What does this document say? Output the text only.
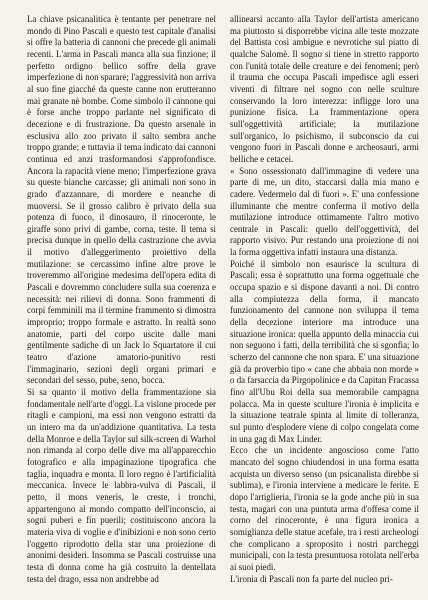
La chiave psicanalitica è tentante per penetrare nel mondo di Pino Pascali e questo test capitale d'analisi si offre la batteria di cannoni che precede gli animali recenti. L'arma in Pascali manca alla sua finzione; il perfetto ordigno bellico soffre della grave imperfezione di non sparare; l'aggressività non arriva al suo fine giacché da queste canne non erutteranno mai granate nè bombe. Come simbolo il cannone qui è forse anche troppo parlante nel significato di decezione e di frustrazione. Da questo arsenale in esclusiva allo zoo privato il salto sembra anche troppo grande; e tuttavia il tema indicato dai cannoni continua ed anzi trasformandosi s'approfondisce. Ancora la rapacità viene meno; l'imperfezione grava su queste bianche carcasse; gli animali non sono in grado d'azzannare, di mordere e neanche di muoversi. Se il grosso calibro è privato della sua potenza di fuoco, il dinosauro, il rinoceronte, le giraffe sono privi di gambe, corna, teste. Il tema si precisa dunque in quello della castrazione che avvia il motivo d'alleggerimento proiettivo della mutilazione: se cercassimo infine altre prove le troveremmo all'origine medesima dell'opera edita di Pascali e dovremmo concludere sulla sua coerenza e necessità: nei rilievi di donna. Sono frammenti di corpi femminili ma il termine frammento si dimostra improprio; troppo formale e astratto. In realtà sono anatomie, parti del corpo uscite dalle mani gentilmente sadiche di un Jack lo Squartatore il cui teatro d'azione amatorio-punitivo resti l'immaginario, sezioni degli organi primari e secondari del sesso, pube, seno, bocca.

Si sa quanto il motivo della frammentazione sia fondamentale nell'arte d'oggi. La visione procede per ritagli e campioni, ma essi non vengono estratti da un intero ma da un'addizione quantitativa. La testa della Monroe e della Taylor sul silk-screen di Warhol non rimanda al corpo delle dive ma all'apparecchio fotografico e alla impaginazione tipografica che taglia, inquadra e monta. Il loro regno è l'artificialità meccanica. Invece le labbra-vulva di Pascali, il petto, il mons veneris, le creste, i tronchi, appartengono al mondo compatto dell'inconscio, ai sogni puberi e fin puerili; costituiscono ancora la materia viva di voglie e d'inibizioni e non sono certo l'oggetto riprodotto della star una proiezione di anonimi desideri. Insomma se Pascali costruisse una testa di donna come ha già costruito la dentellata testa del drago, essa non andrebbe ad

allinearsi accanto alla Taylor dell'artista americano ma piuttosto si disporrebbe vicina alle teste mozzate del Battista così ambigue e nevrotiche sul piatto di qualche Salomè. Il sogno si tiene in stretto rapporto con l'unità totale delle creature e dei fenomeni; però il trauma che occupa Pascali impedisce agli esseri viventi di filtrare nel sogno con nelle sculture conservando la loro interezza: infligge loro una punizione fisica. La frammentazione opera sull'oggettività artificiale; la mutilazione sull'organico, lo psichismo, il subconscio da cui vengono fuori in Pascali donne e archeosauri, armi belliche e cetacei.

« Sono ossessionato dall'immagine di vedere una parte di me, un dito, staccarsi dalla mia mano e cadere. Vedermelo dal di fuori ». E' una confessione illuminante che mentre conferma il motivo della mutilazione introduce ottimamente l'altro motivo centrale in Pascali: quello dell'oggettività, del rapporto visivo. Pur restando una proiezione di noi la forma oggettiva infatti instaura una distanza.

Poiché il simbolo non esaurisce la scultura di Pascali; essa è soprattutto una forma oggettuale che occupa spazio e si dispone davanti a noi. Di contro alla compiutezza della forma, il mancato funzionamento del cannone non sviluppa il tema della decezione interiore ma introduce una situazione ironica: quella appunto della minaccia cui non seguono i fatti, della terribilità che si sgonfia; lo scherzo del cannone che non spara. E' una situazione già da proverbio tipo « cane che abbaia non morde » o da farsaccia da Pirgopolinice e da Capitan Fracassa fino all'Ubu Roi della sua memorabile campagna polacca. Ma in queste sculture l'ironia è implicita e la situazione teatrale spinta al limite di tolleranza, sul punto d'esplodere viene di colpo congelata come in una gag di Max Linder.

Ecco che un incidente angoscioso come l'atto mancato del sogno chiudendosi in una forma esatta acquista un diverso senso (un psicanalista direbbe si sublima), e l'ironia interviene a medicare le ferite. E dopo l'artiglieria, l'ironia se la gode anche più in sua testa, magari con una puntuta arma d'offesa come il corno del rinoceronte, è una figura ironica a somiglianza delle statue acefale, tra i resti archeologi che complicano a sproposito i nostri parcheggi municipali, con la testa presuntuosa rotolata nell'erba ai suoi piedi.

L'ironia di Pascali non fa parte del nucleo pri-
